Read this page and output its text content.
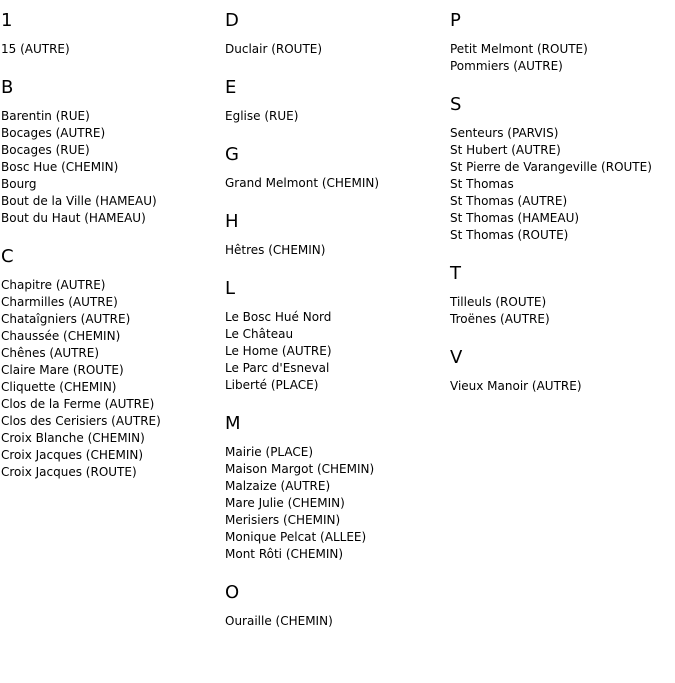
1
15 (AUTRE)
B
Barentin (RUE)
Bocages (AUTRE)
Bocages (RUE)
Bosc Hue (CHEMIN)
Bourg
Bout de la Ville (HAMEAU)
Bout du Haut (HAMEAU)
C
Chapitre (AUTRE)
Charmilles (AUTRE)
Chataîgniers (AUTRE)
Chaussée (CHEMIN)
Chênes (AUTRE)
Claire Mare (ROUTE)
Cliquette (CHEMIN)
Clos de la Ferme (AUTRE)
Clos des Cerisiers (AUTRE)
Croix Blanche (CHEMIN)
Croix Jacques (CHEMIN)
Croix Jacques (ROUTE)
D
Duclair (ROUTE)
E
Eglise (RUE)
G
Grand Melmont (CHEMIN)
H
Hêtres (CHEMIN)
L
Le Bosc Hué Nord
Le Château
Le Home (AUTRE)
Le Parc d'Esneval
Liberté (PLACE)
M
Mairie (PLACE)
Maison Margot (CHEMIN)
Malzaize (AUTRE)
Mare Julie (CHEMIN)
Merisiers (CHEMIN)
Monique Pelcat (ALLEE)
Mont Rôti (CHEMIN)
O
Ouraille (CHEMIN)
P
Petit Melmont (ROUTE)
Pommiers (AUTRE)
S
Senteurs (PARVIS)
St Hubert (AUTRE)
St Pierre de Varangeville (ROUTE)
St Thomas
St Thomas (AUTRE)
St Thomas (HAMEAU)
St Thomas (ROUTE)
T
Tilleuls (ROUTE)
Troënes (AUTRE)
V
Vieux Manoir (AUTRE)
